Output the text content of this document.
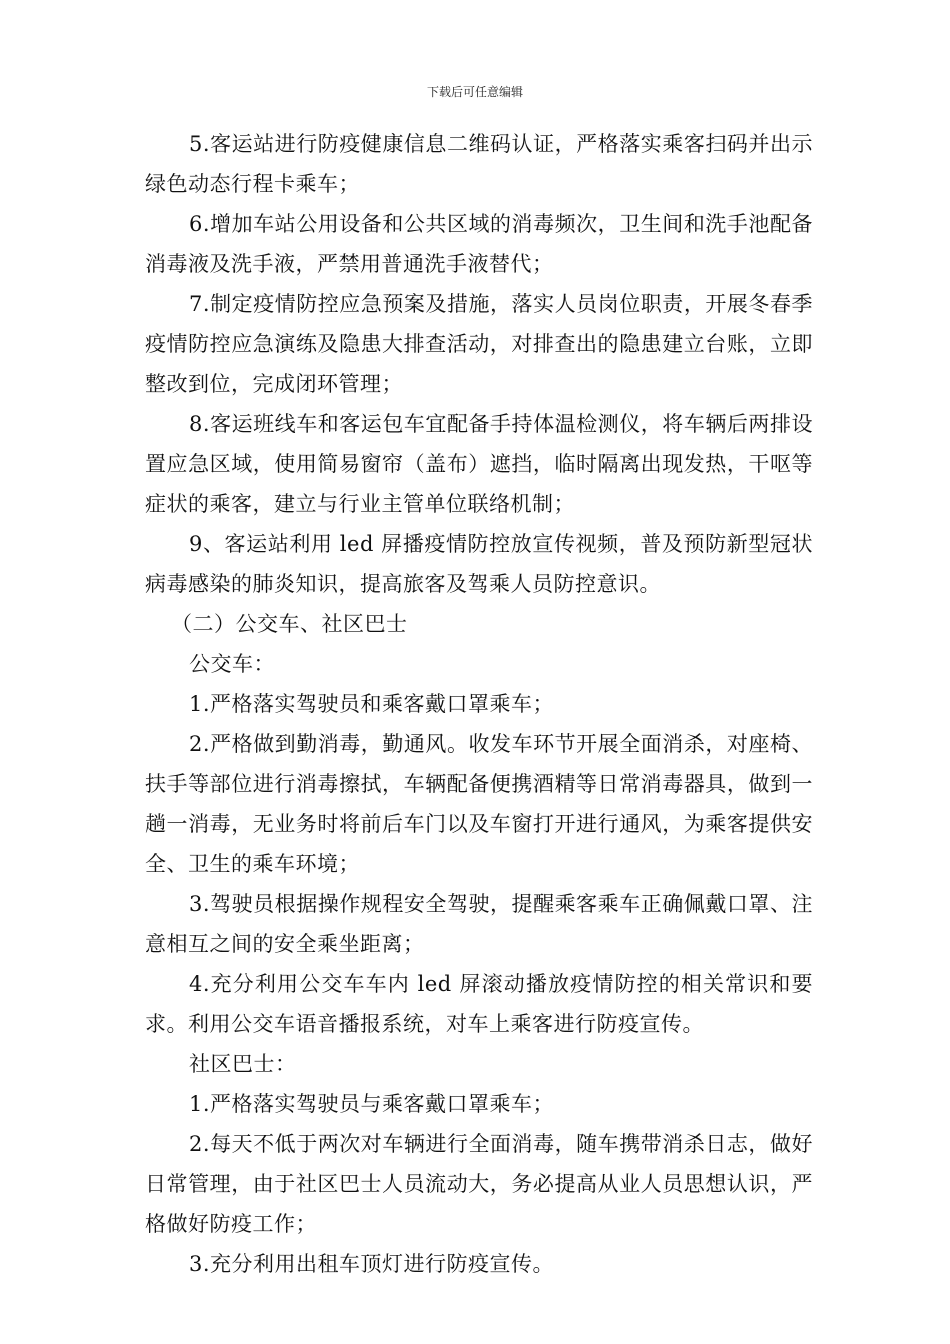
下载后可任意编辑

5.客运站进行防疫健康信息二维码认证，严格落实乘客扫码并出示绿色动态行程卡乘车；

6.增加车站公用设备和公共区域的消毒频次，卫生间和洗手池配备消毒液及洗手液，严禁用普通洗手液替代；

7.制定疫情防控应急预案及措施，落实人员岗位职责，开展冬春季疫情防控应急演练及隐患大排查活动，对排查出的隐患建立台账，立即整改到位，完成闭环管理；

8.客运班线车和客运包车宜配备手持体温检测仪，将车辆后两排设置应急区域，使用简易窗帘（盖布）遮挡，临时隔离出现发热，干呕等症状的乘客，建立与行业主管单位联络机制；

9、客运站利用 led 屏播疫情防控放宣传视频，普及预防新型冠状病毒感染的肺炎知识，提高旅客及驾乘人员防控意识。

（二）公交车、社区巴士

公交车：

1.严格落实驾驶员和乘客戴口罩乘车；

2.严格做到勤消毒，勤通风。收发车环节开展全面消杀，对座椅、扶手等部位进行消毒擦拭，车辆配备便携酒精等日常消毒器具，做到一趟一消毒，无业务时将前后车门以及车窗打开进行通风，为乘客提供安全、卫生的乘车环境；

3.驾驶员根据操作规程安全驾驶，提醒乘客乘车正确佩戴口罩、注意相互之间的安全乘坐距离；

4.充分利用公交车车内 led 屏滚动播放疫情防控的相关常识和要求。利用公交车语音播报系统，对车上乘客进行防疫宣传。

社区巴士：

1.严格落实驾驶员与乘客戴口罩乘车；

2.每天不低于两次对车辆进行全面消毒，随车携带消杀日志，做好日常管理，由于社区巴士人员流动大，务必提高从业人员思想认识，严格做好防疫工作；

3.充分利用出租车顶灯进行防疫宣传。
